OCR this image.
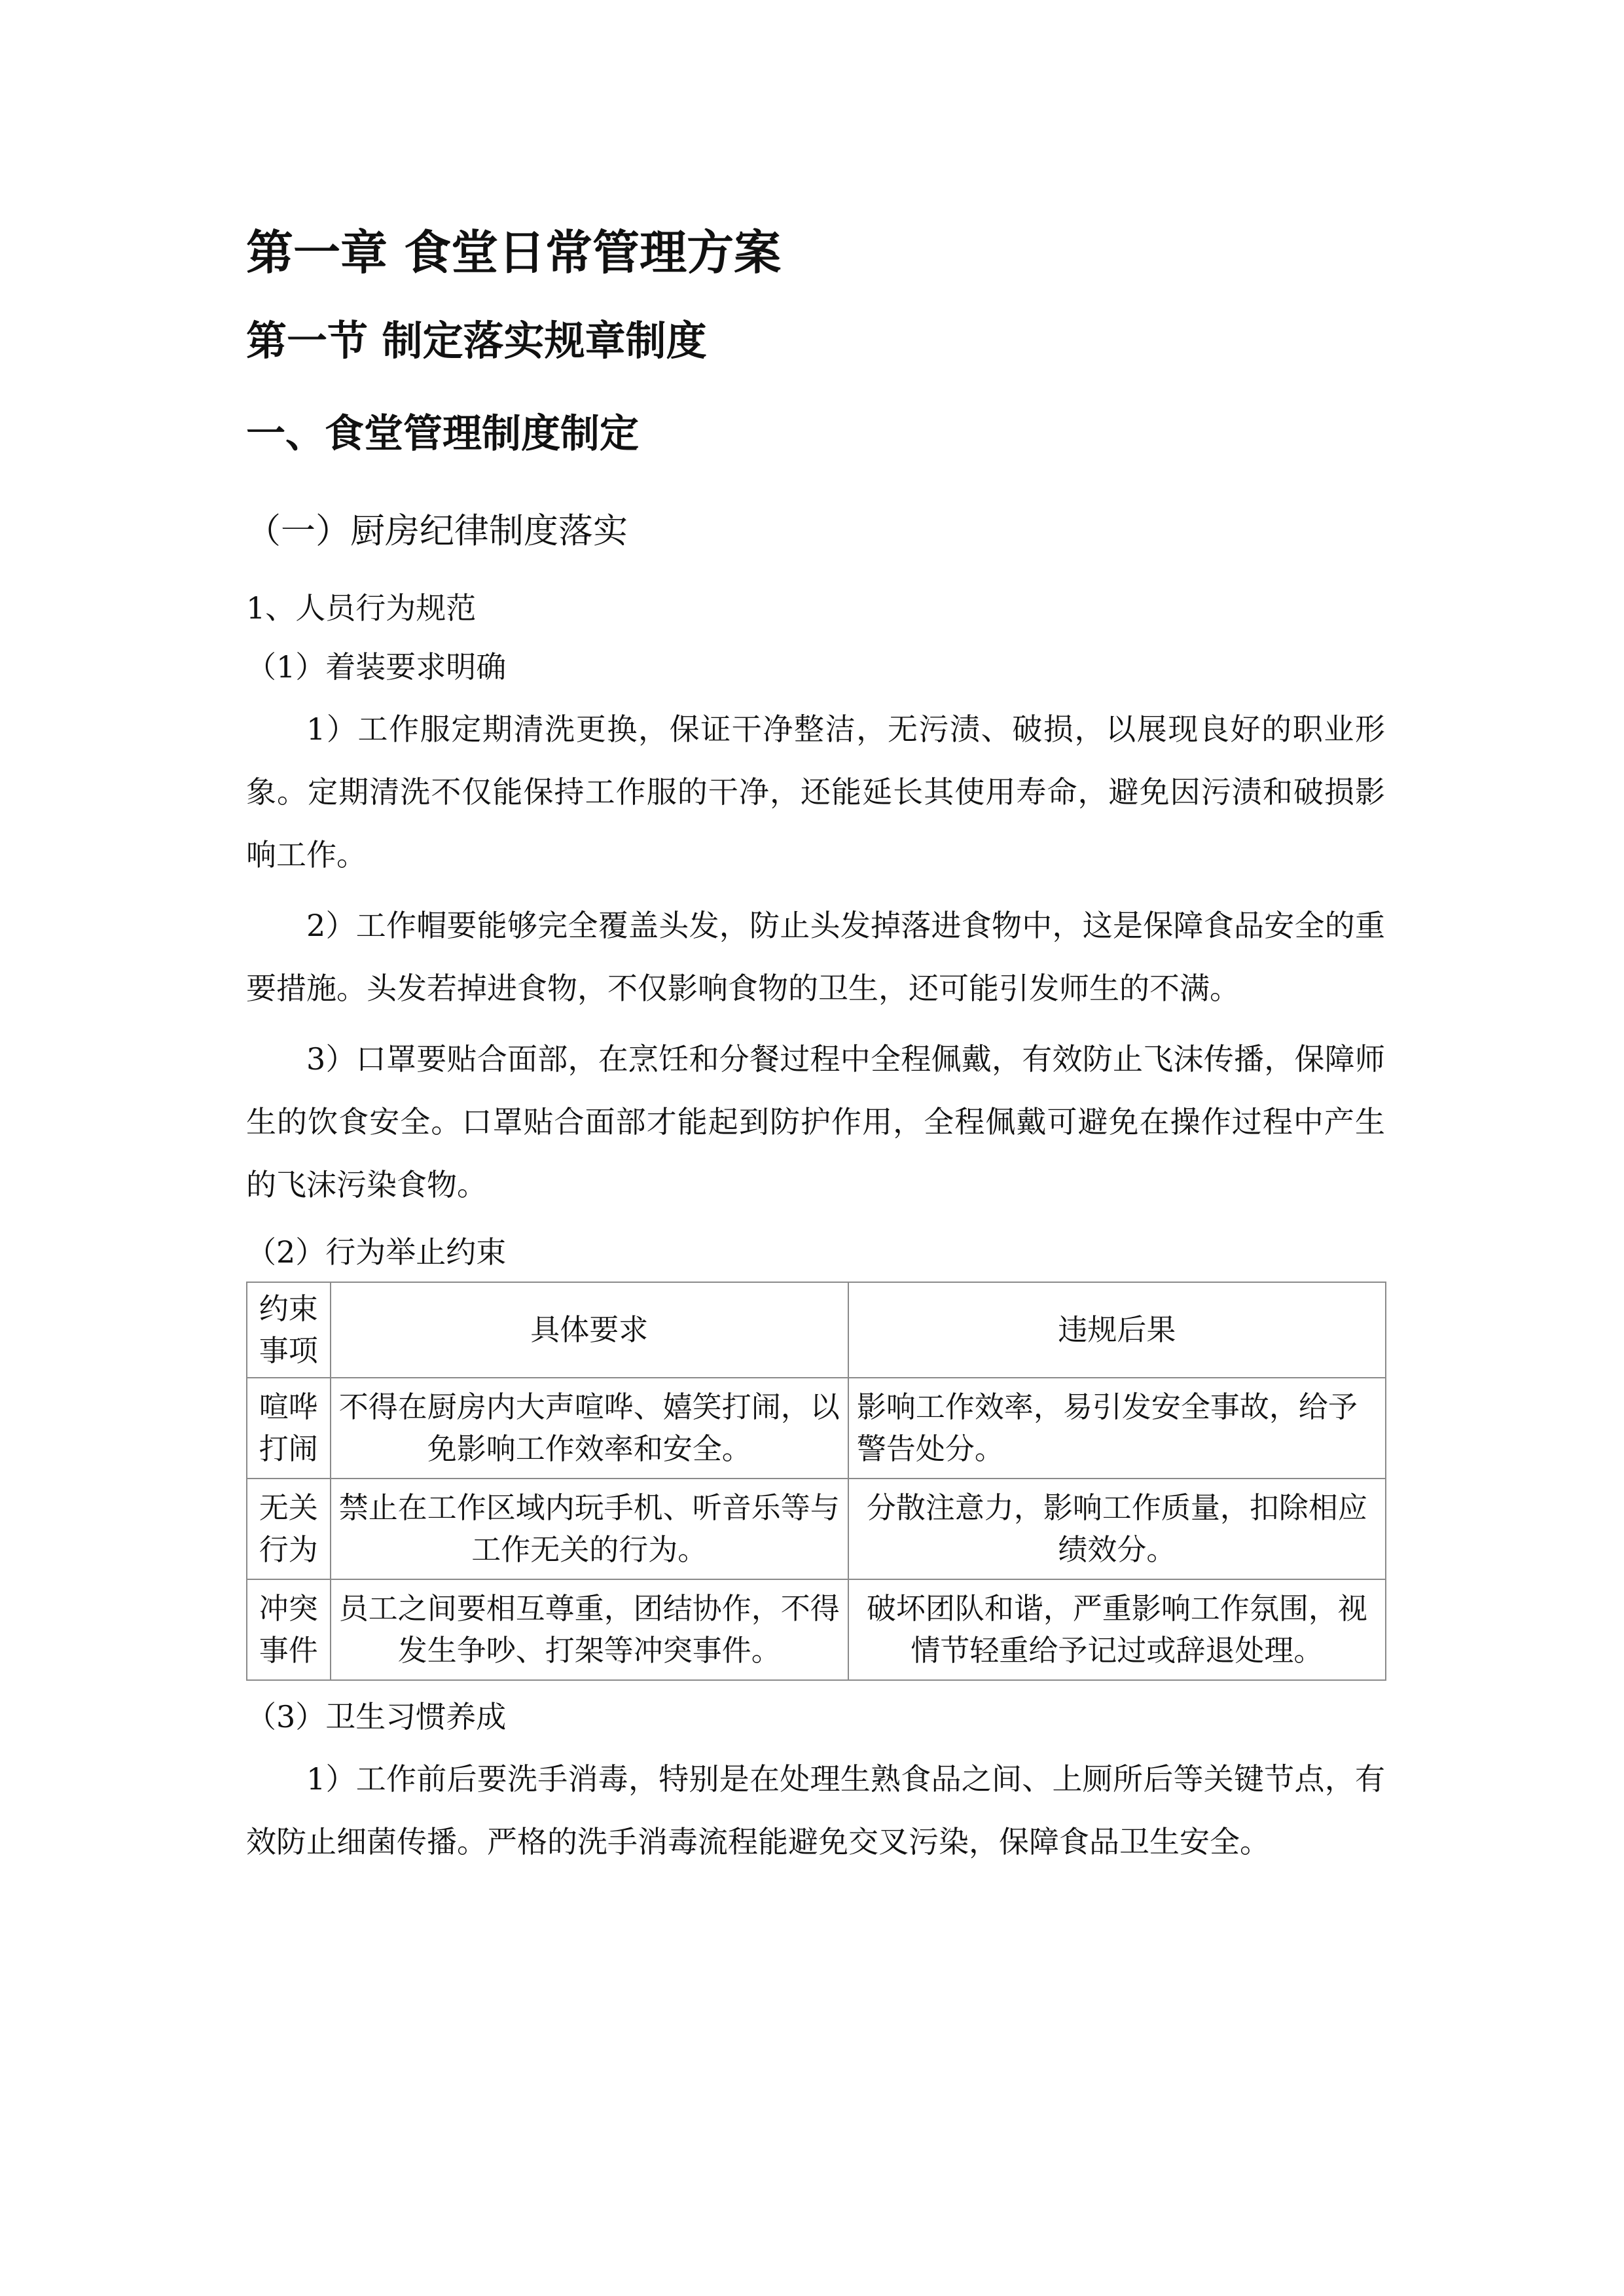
第一章 食堂日常管理方案
第一节 制定落实规章制度
一、食堂管理制度制定
（一）厨房纪律制度落实
1、人员行为规范
（1）着装要求明确

1）工作服定期清洗更换，保证干净整洁，无污渍、破损，以展现良好的职业形象。定期清洗不仅能保持工作服的干净，还能延长其使用寿命，避免因污渍和破损影响工作。

2）工作帽要能够完全覆盖头发，防止头发掉落进食物中，这是保障食品安全的重要措施。头发若掉进食物，不仅影响食物的卫生，还可能引发师生的不满。

3）口罩要贴合面部，在烹饪和分餐过程中全程佩戴，有效防止飞沫传播，保障师生的饮食安全。口罩贴合面部才能起到防护作用，全程佩戴可避免在操作过程中产生的飞沫污染食物。

（2）行为举止约束
约束事项	具体要求	违规后果
喧哗打闹	不得在厨房内大声喧哗、嬉笑打闹，以免影响工作效率和安全。	影响工作效率，易引发安全事故，给予警告处分。
无关行为	禁止在工作区域内玩手机、听音乐等与工作无关的行为。	分散注意力，影响工作质量，扣除相应绩效分。
冲突事件	员工之间要相互尊重，团结协作，不得发生争吵、打架等冲突事件。	破坏团队和谐，严重影响工作氛围，视情节轻重给予记过或辞退处理。
（3）卫生习惯养成

1）工作前后要洗手消毒，特别是在处理生熟食品之间、上厕所后等关键节点，有效防止细菌传播。严格的洗手消毒流程能避免交叉污染，保障食品卫生安全。
